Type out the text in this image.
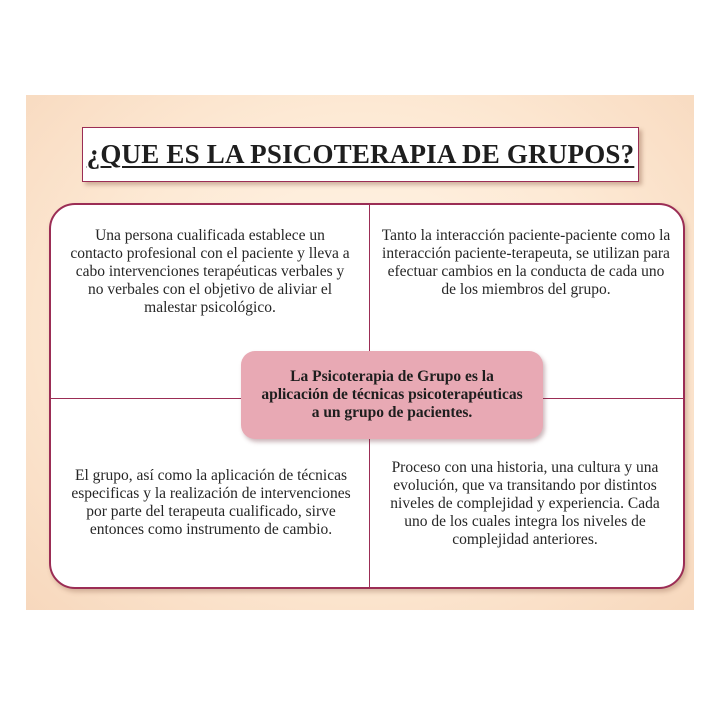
¿QUE ES LA PSICOTERAPIA DE GRUPOS?
Una persona cualificada establece un contacto profesional con el paciente y lleva a cabo intervenciones terapéuticas verbales y no verbales con el objetivo de aliviar el malestar psicológico.
Tanto la interacción paciente-paciente como la interacción paciente-terapeuta, se utilizan para efectuar cambios en la conducta de cada uno de los miembros del grupo.
El grupo, así como la aplicación de técnicas especificas y la realización de intervenciones por parte del terapeuta cualificado, sirve entonces como instrumento de cambio.
Proceso con una historia, una cultura y una evolución, que va transitando por distintos niveles de complejidad y experiencia. Cada uno de los cuales integra los niveles de complejidad anteriores.
La Psicoterapia de Grupo es la aplicación de técnicas psicoterapéuticas a un grupo de pacientes.
